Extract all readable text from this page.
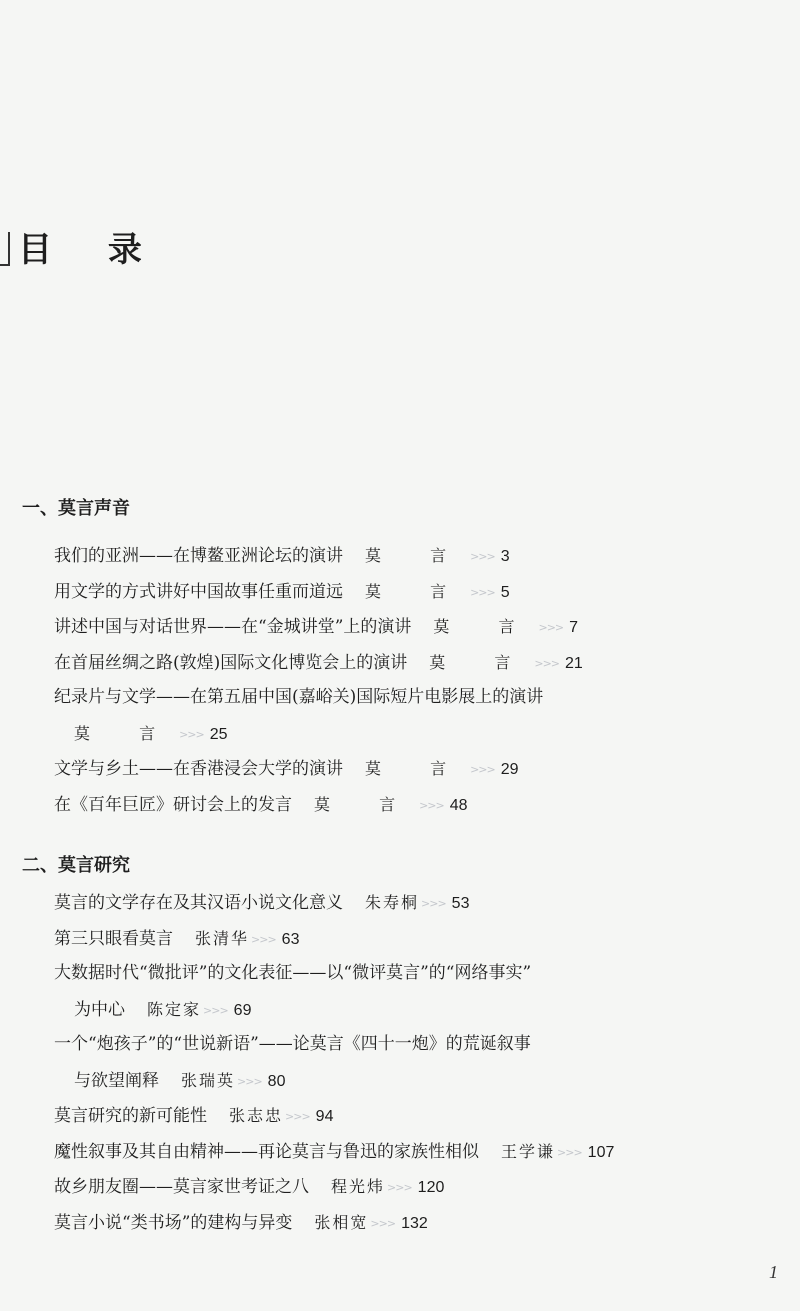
目 录
一、莫言声音
我们的亚洲——在博鳌亚洲论坛的演讲 莫 言 >>> 3
用文学的方式讲好中国故事任重而道远 莫 言 >>> 5
讲述中国与对话世界——在“金城讲堂”上的演讲 莫 言 >>> 7
在首届丝绸之路(敦煌)国际文化博览会上的演讲 莫 言 >>> 21
纪录片与文学——在第五届中国(嘉峪关)国际短片电影展上的演讲
莫 言 >>> 25
文学与乡土——在香港浸会大学的演讲 莫 言 >>> 29
在《百年巨匠》研讨会上的发言 莫 言 >>> 48
二、莫言研究
莫言的文学存在及其汉语小说文化意义 朱寿桐 >>> 53
第三只眼看莫言 张清华 >>> 63
大数据时代“微批评”的文化表征——以“微评莫言”的“网络事实”
为中心 陈定家 >>> 69
一个“炮孩子”的“世说新语”——论莫言《四十一炮》的荒诞叙事
与欲望阐释 张瑞英 >>> 80
莫言研究的新可能性 张志忠 >>> 94
魔性叙事及其自由精神——再论莫言与鲁迅的家族性相似 王学谦 >>> 107
故乡朋友圈——莫言家世考证之八 程光炜 >>> 120
莫言小说“类书场”的建构与异变 张相宽 >>> 132
1
